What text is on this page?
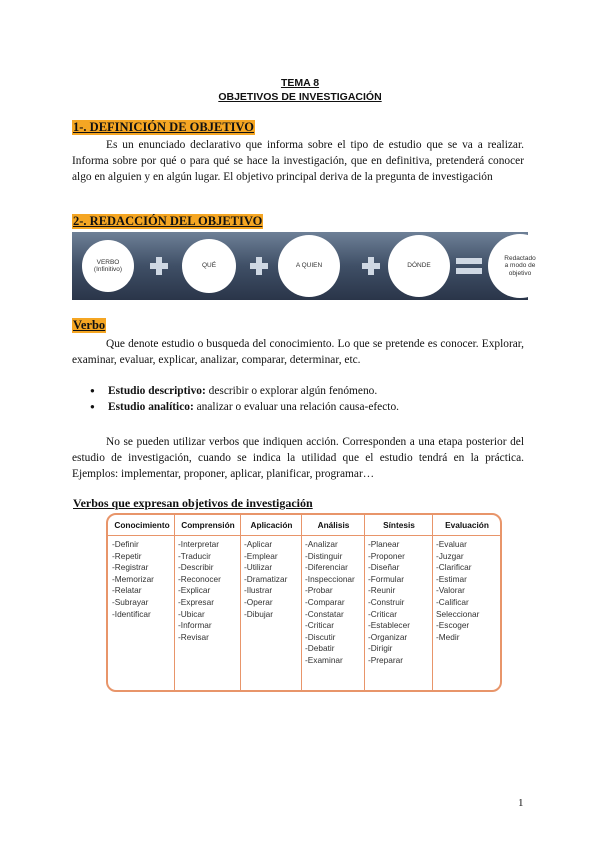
TEMA 8
OBJETIVOS DE INVESTIGACIÓN
1-. DEFINICIÓN DE OBJETIVO

Es un enunciado declarativo que informa sobre el tipo de estudio que se va a realizar. Informa sobre por qué o para qué se hace la investigación, que en definitiva, pretenderá conocer algo en alguien y en algún lugar. El objetivo principal deriva de la pregunta de investigación

2-. REDACCIÓN DEL OBJETIVO
VERBO
(Infinitivo)
QUÉ	A QUIEN	DÓNDE
Redactado
a modo de
objetivo
Verbo

Que denote estudio o busqueda del conocimiento. Lo que se pretende es conocer. Explorar, examinar, evaluar, explicar, analizar, comparar, determinar, etc.

● Estudio descriptivo: describir o explorar algún fenómeno.
● Estudio analítico: analizar o evaluar una relación causa-efecto.

No se pueden utilizar verbos que indiquen acción. Corresponden a una etapa posterior del estudio de investigación, cuando se indica la utilidad que el estudio tendrá en la práctica. Ejemplos: implementar, proponer, aplicar, planificar, programar…

Verbos que expresan objetivos de investigación
Conocimiento
-Definir
-Repetir
-Registrar
-Memorizar
-Relatar
-Subrayar
-Identificar
Comprensión
-Interpretar
-Traducir
-Describir
-Reconocer
-Explicar
-Expresar
-Ubicar
-Informar
-Revisar
Aplicación
-Aplicar
-Emplear
-Utilizar
-Dramatizar
-Ilustrar
-Operar
-Dibujar
Análisis
-Analizar
-Distinguir
-Diferenciar
-Inspeccionar
-Probar
-Comparar
-Constatar
-Criticar
-Discutir
-Debatir
-Examinar
Síntesis
-Planear
-Proponer
-Diseñar
-Formular
-Reunir
-Construir
-Criticar
-Establecer
-Organizar
-Dirigir
-Preparar
Evaluación
-Evaluar
-Juzgar
-Clarificar
-Estimar
-Valorar
-Calificar
Seleccionar
-Escoger
-Medir
1
